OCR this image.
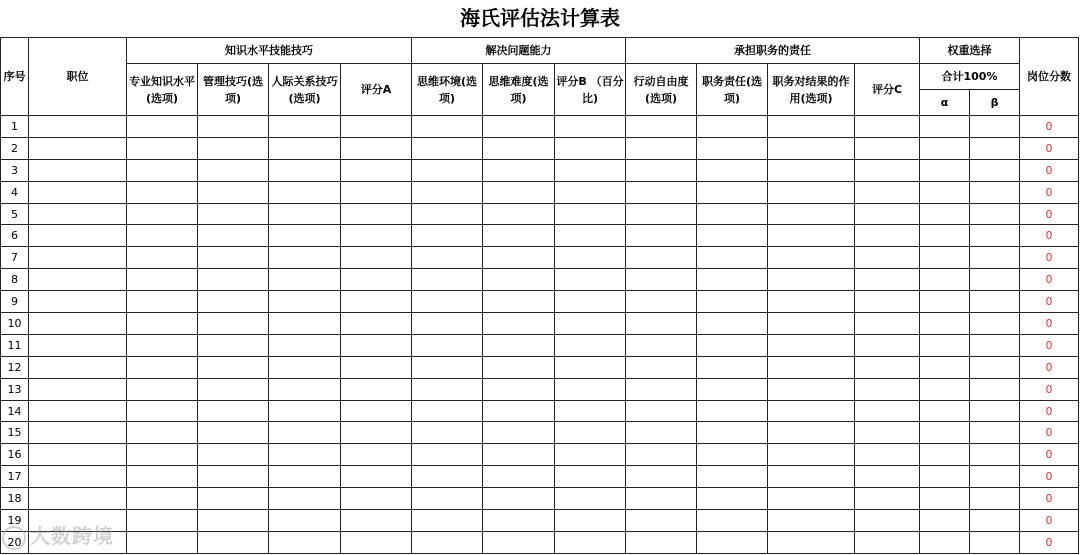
海氏评估法计算表
序号	职位	知识水平技能技巧				解决问题能力			承担职务的责任				权重选择		岗位分数
		专业知识水平(选项)	管理技巧(选项)	人际关系技巧(选项)	评分A	思维环境(选项)	思维难度(选项)	评分B （百分比)	行动自由度(选项)	职务责任(选项)	职务对结果的作用(选项)	评分C	合计100%		
													α	β	
1															0
2															0
3															0
4															0
5															0
6															0
7															0
8															0
9															0
10															0
11															0
12															0
13															0
14															0
15															0
16															0
17															0
18															0
19															0
20															0
大数跨境
